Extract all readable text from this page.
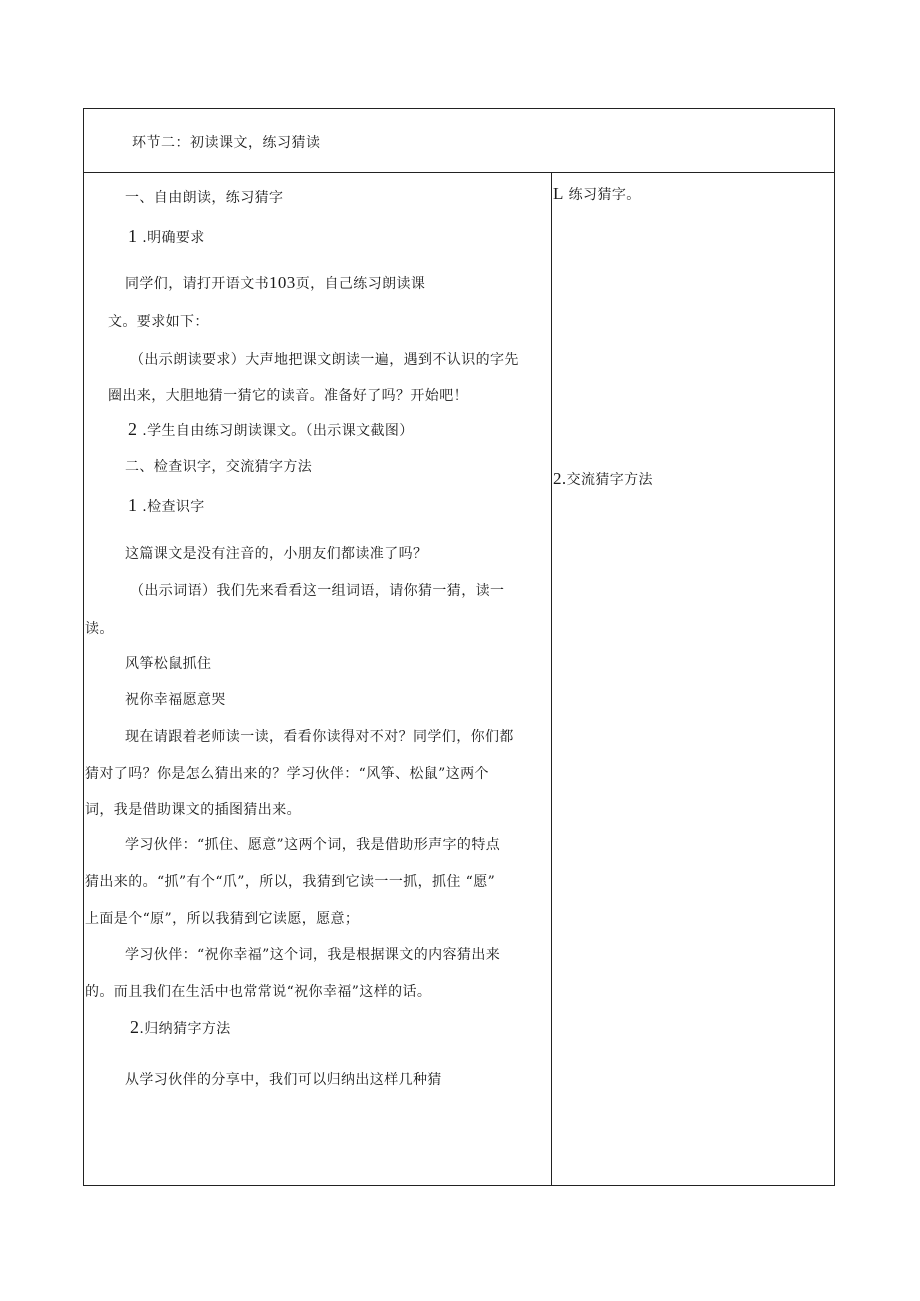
环节二：初读课文，练习猜读
一、自由朗读，练习猜字
1 .明确要求
同学们，请打开语文书103页，自己练习朗读课
文。要求如下：
（出示朗读要求）大声地把课文朗读一遍，遇到不认识的字先
圈出来，大胆地猜一猜它的读音。准备好了吗？开始吧！
2 .学生自由练习朗读课文。（出示课文截图）
二、检查识字，交流猜字方法
1 .检查识字
这篇课文是没有注音的，小朋友们都读准了吗？
（出示词语）我们先来看看这一组词语，请你猜一猜，读一
读。
风筝松鼠抓住
祝你幸福愿意哭
现在请跟着老师读一读，看看你读得对不对？同学们，你们都
猜对了吗？你是怎么猜出来的？学习伙伴：“风筝、松鼠”这两个
词，我是借助课文的插图猜出来。
学习伙伴：“抓住、愿意”这两个词，我是借助形声字的特点
猜出来的。“抓”有个“爪”，所以，我猜到它读一一抓，抓住 “愿”
上面是个“原”，所以我猜到它读愿，愿意；
学习伙伴：“祝你幸福”这个词，我是根据课文的内容猜出来
的。而且我们在生活中也常常说“祝你幸福”这样的话。
2.归纳猜字方法
从学习伙伴的分享中，我们可以归纳出这样几种猜
L 练习猜字。
2.交流猜字方法
